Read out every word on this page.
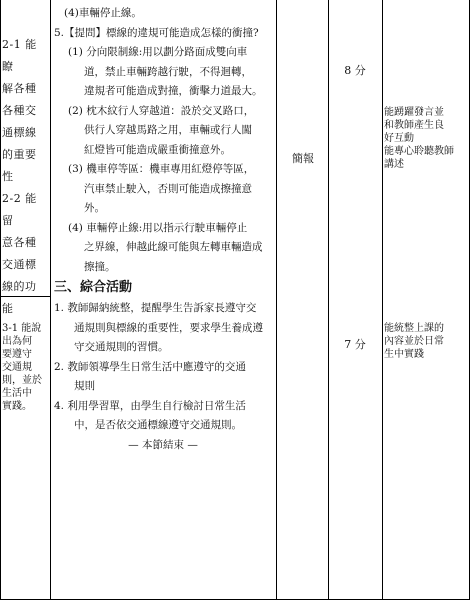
2-1 能瞭
解各種
各種交
通標線
的重要
性
2-2 能留
意各種
交通標
線的功
能
3-1 能說
出為何
要遵守
交通規
則，並於
生活中
實踐。
(4)車輛停止線。
5.【提問】標線的違規可能造成怎樣的衝撞?
(1) 分向限制線:用以劃分路面成雙向車
道，禁止車輛跨越行駛，不得迴轉，
違規者可能造成對撞，衝擊力道最大。
(2) 枕木紋行人穿越道：設於交叉路口，
供行人穿越馬路之用，車輛或行人闖
紅燈皆可能造成嚴重衝撞意外。
(3) 機車停等區：機車專用紅燈停等區，
汽車禁止駛入，否則可能造成擦撞意
外。
(4) 車輛停止線:用以指示行駛車輛停止
之界線，伸越此線可能與左轉車輛造成
擦撞。
三、綜合活動
1. 教師歸納統整，提醒學生告訴家長遵守交
通規則與標線的重要性，要求學生養成遵
守交通規則的習慣。
2. 教師領導學生日常生活中應遵守的交通
規則
4. 利用學習單，由學生自行檢討日常生活
中，是否依交通標線遵守交通規則。
— 本節結束 —
簡報
8 分
7 分
能踴躍發言並
和教師產生良
好互動
能專心聆聽教師
講述
能統整上課的
內容並於日常
生中實踐
